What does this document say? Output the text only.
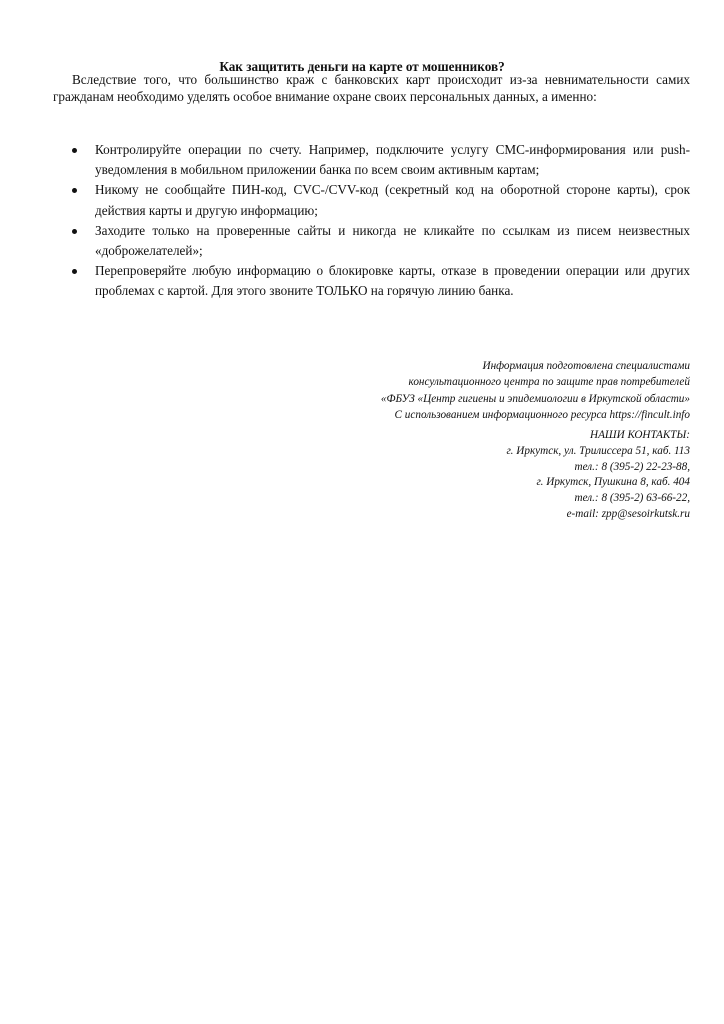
Как защитить деньги на карте от мошенников?

Вследствие того, что большинство краж с банковских карт происходит из-за невнимательности самих гражданам необходимо уделять особое внимание охране своих персональных данных, а именно:

Контролируйте операции по счету. Например, подключите услугу СМС-информирования или push-уведомления в мобильном приложении банка по всем своим активным картам;
Никому не сообщайте ПИН-код, CVC-/CVV-код (секретный код на оборотной стороне карты), срок действия карты и другую информацию;
Заходите только на проверенные сайты и никогда не кликайте по ссылкам из писем неизвестных «доброжелателей»;
Перепроверяйте любую информацию о блокировке карты, отказе в проведении операции или других проблемах с картой. Для этого звоните ТОЛЬКО на горячую линию банка.
Информация подготовлена специалистами
консультационного центра по защите прав потребителей
«ФБУЗ «Центр гигиены и эпидемиологии в Иркутской области»
С использованием информационного ресурса https://fincult.info
НАШИ КОНТАКТЫ:
г. Иркутск, ул. Трилиссера 51, каб. 113
тел.: 8 (395-2) 22-23-88,
г. Иркутск, Пушкина 8, каб. 404
тел.: 8 (395-2) 63-66-22,
e-mail: zpp@sesoirkutsk.ru
